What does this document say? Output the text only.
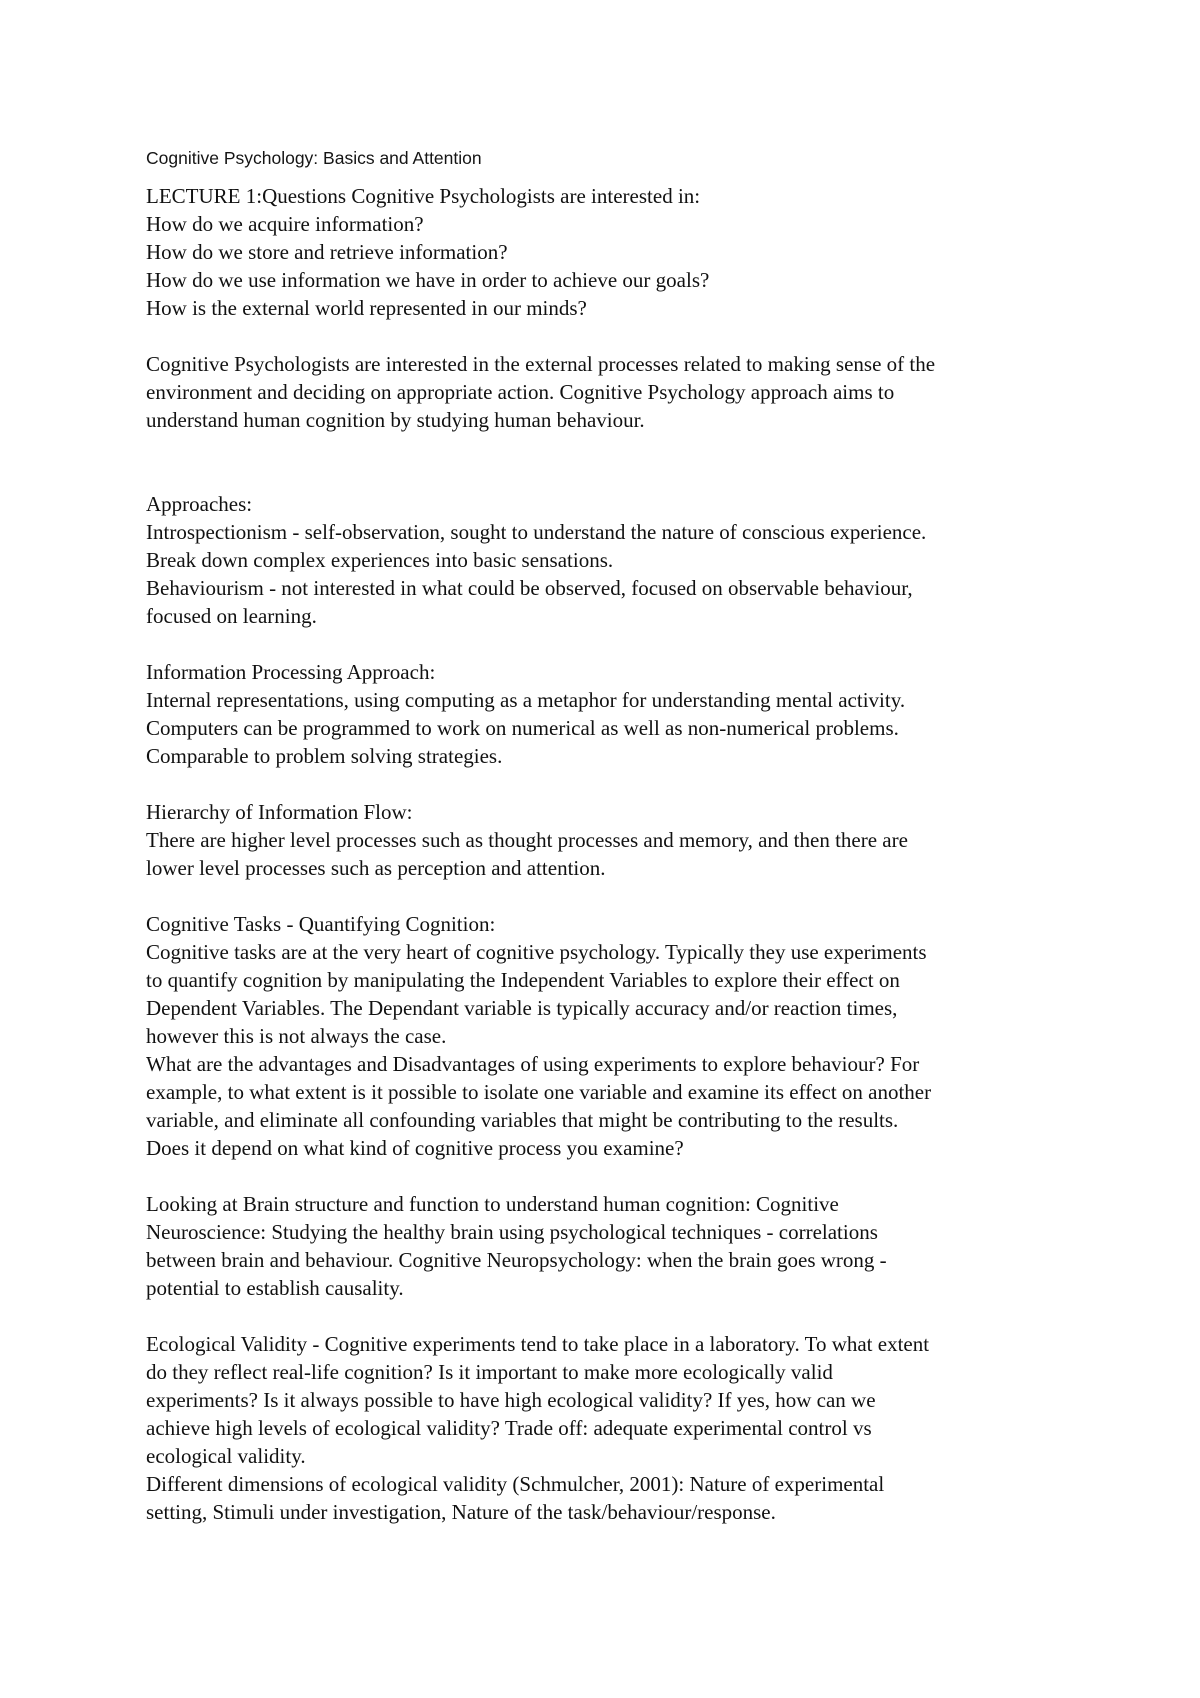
Cognitive Psychology: Basics and Attention
LECTURE 1:Questions Cognitive Psychologists are interested in:
How do we acquire information?
How do we store and retrieve information?
How do we use information we have in order to achieve our goals?
How is the external world represented in our minds?
Cognitive Psychologists are interested in the external processes related to making sense of the
environment and deciding on appropriate action. Cognitive Psychology approach aims to
understand human cognition by studying human behaviour.
Approaches:
Introspectionism - self-observation, sought to understand the nature of conscious experience.
Break down complex experiences into basic sensations.
Behaviourism - not interested in what could be observed, focused on observable behaviour,
focused on learning.
Information Processing Approach:
Internal representations, using computing as a metaphor for understanding mental activity.
Computers can be programmed to work on numerical as well as non-numerical problems.
Comparable to problem solving strategies.
Hierarchy of Information Flow:
There are higher level processes such as thought processes and memory, and then there are
lower level processes such as perception and attention.
Cognitive Tasks - Quantifying Cognition:
Cognitive tasks are at the very heart of cognitive psychology. Typically they use experiments
to quantify cognition by manipulating the Independent Variables to explore their effect on
Dependent Variables. The Dependant variable is typically accuracy and/or reaction times,
however this is not always the case.
What are the advantages and Disadvantages of using experiments to explore behaviour? For
example, to what extent is it possible to isolate one variable and examine its effect on another
variable, and eliminate all confounding variables that might be contributing to the results.
Does it depend on what kind of cognitive process you examine?
Looking at Brain structure and function to understand human cognition: Cognitive
Neuroscience: Studying the healthy brain using psychological techniques - correlations
between brain and behaviour. Cognitive Neuropsychology: when the brain goes wrong -
potential to establish causality.
Ecological Validity - Cognitive experiments tend to take place in a laboratory. To what extent
do they reflect real-life cognition? Is it important to make more ecologically valid
experiments? Is it always possible to have high ecological validity? If yes, how can we
achieve high levels of ecological validity? Trade off: adequate experimental control vs
ecological validity.
Different dimensions of ecological validity (Schmulcher, 2001): Nature of experimental
setting, Stimuli under investigation, Nature of the task/behaviour/response.
